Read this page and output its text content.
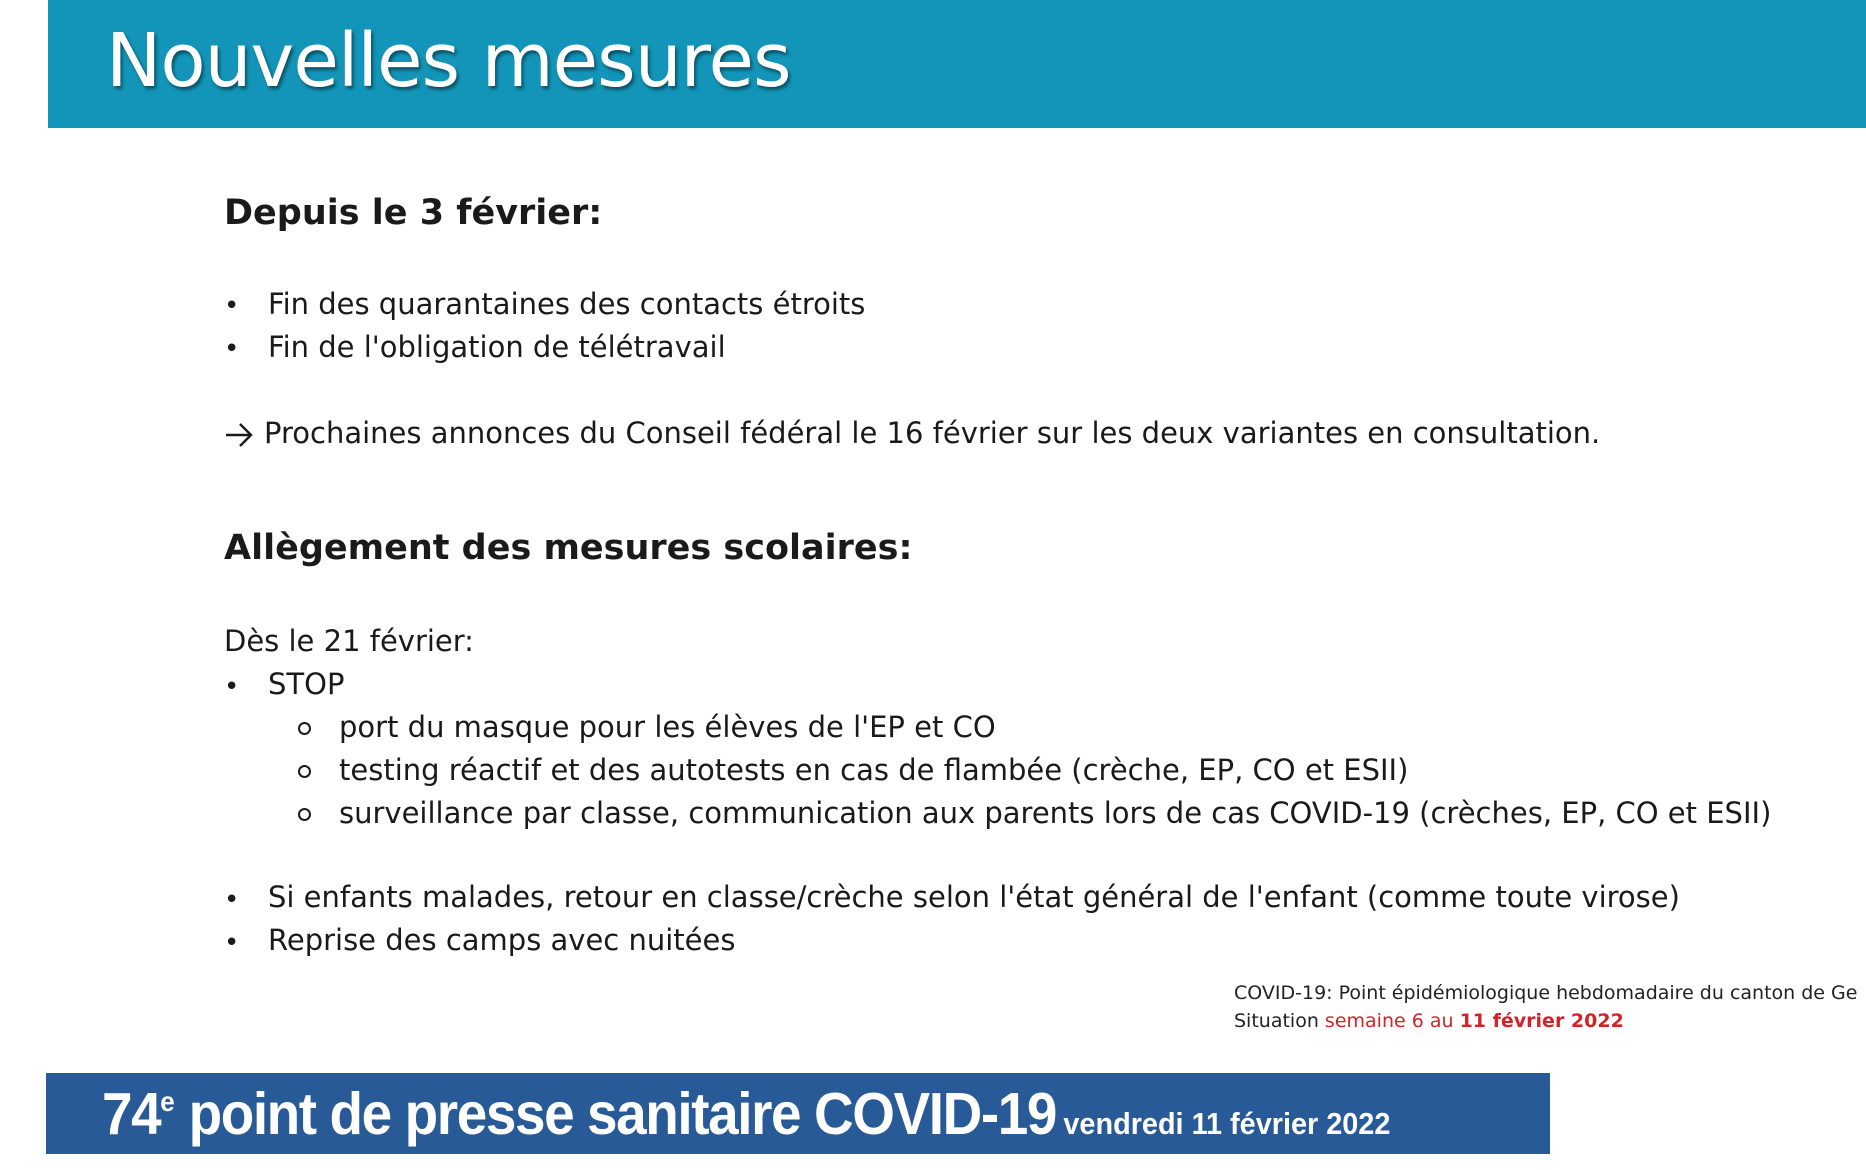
Nouvelles mesures
Depuis le 3 février:
• Fin des quarantaines des contacts étroits
• Fin de l'obligation de télétravail
Prochaines annonces du Conseil fédéral le 16 février sur les deux variantes en consultation.
Allègement des mesures scolaires:
Dès le 21 février:
• STOP
port du masque pour les élèves de l'EP et CO
testing réactif et des autotests en cas de flambée (crèche, EP, CO et ESII)
surveillance par classe, communication aux parents lors de cas COVID-19 (crèches, EP, CO et ESII)
• Si enfants malades, retour en classe/crèche selon l'état général de l'enfant (comme toute virose)
• Reprise des camps avec nuitées
COVID-19: Point épidémiologique hebdomadaire du canton de Ge
Situation semaine 6 au 11 février 2022
74e point de presse sanitaire COVID-19 vendredi 11 février 2022
